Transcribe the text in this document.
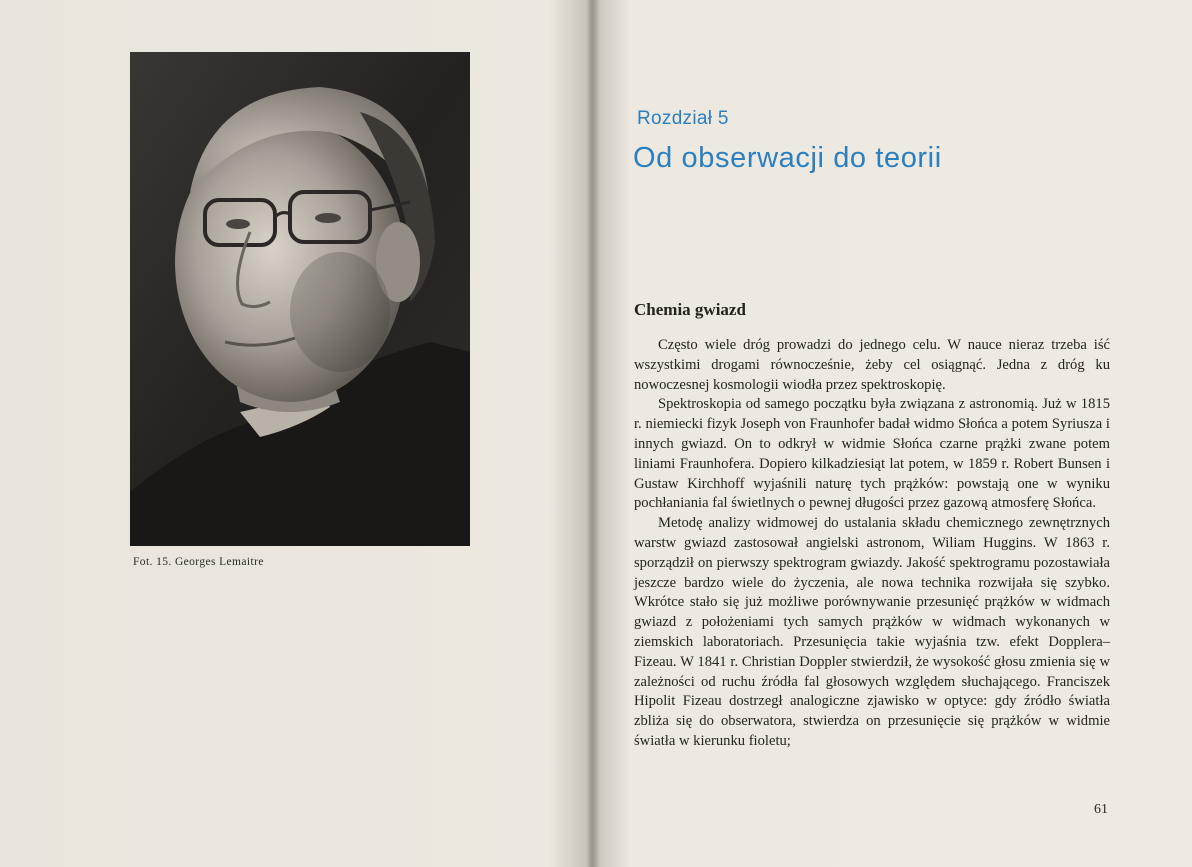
Fot. 15. Georges Lemaitre
Rozdział 5
Od obserwacji do teorii
Chemia gwiazd

Często wiele dróg prowadzi do jednego celu. W nauce nieraz trzeba iść wszystkimi drogami równocześnie, żeby cel osiągnąć. Jedna z dróg ku nowoczesnej kosmologii wiodła przez spektroskopię.

Spektroskopia od samego początku była związana z astronomią. Już w 1815 r. niemiecki fizyk Joseph von Fraunhofer badał widmo Słońca a potem Syriusza i innych gwiazd. On to odkrył w widmie Słońca czarne prążki zwane potem liniami Fraunhofera. Dopiero kilkadziesiąt lat potem, w 1859 r. Robert Bunsen i Gustaw Kirchhoff wyjaśnili naturę tych prążków: powstają one w wyniku pochłaniania fal świetlnych o pewnej długości przez gazową atmosferę Słońca.

Metodę analizy widmowej do ustalania składu chemicznego zewnętrznych warstw gwiazd zastosował angielski astronom, Wiliam Huggins. W 1863 r. sporządził on pierwszy spektrogram gwiazdy. Jakość spektrogramu pozostawiała jeszcze bardzo wiele do życzenia, ale nowa technika rozwijała się szybko. Wkrótce stało się już możliwe porównywanie przesunięć prążków w widmach gwiazd z położeniami tych samych prążków w widmach wykonanych w ziemskich laboratoriach. Przesunięcia takie wyjaśnia tzw. efekt Dopplera–Fizeau. W 1841 r. Christian Doppler stwierdził, że wysokość głosu zmienia się w zależności od ruchu źródła fal głosowych względem słuchającego. Franciszek Hipolit Fizeau dostrzegł analogiczne zjawisko w optyce: gdy źródło światła zbliża się do obserwatora, stwierdza on przesunięcie się prążków w widmie światła w kierunku fioletu;

61
